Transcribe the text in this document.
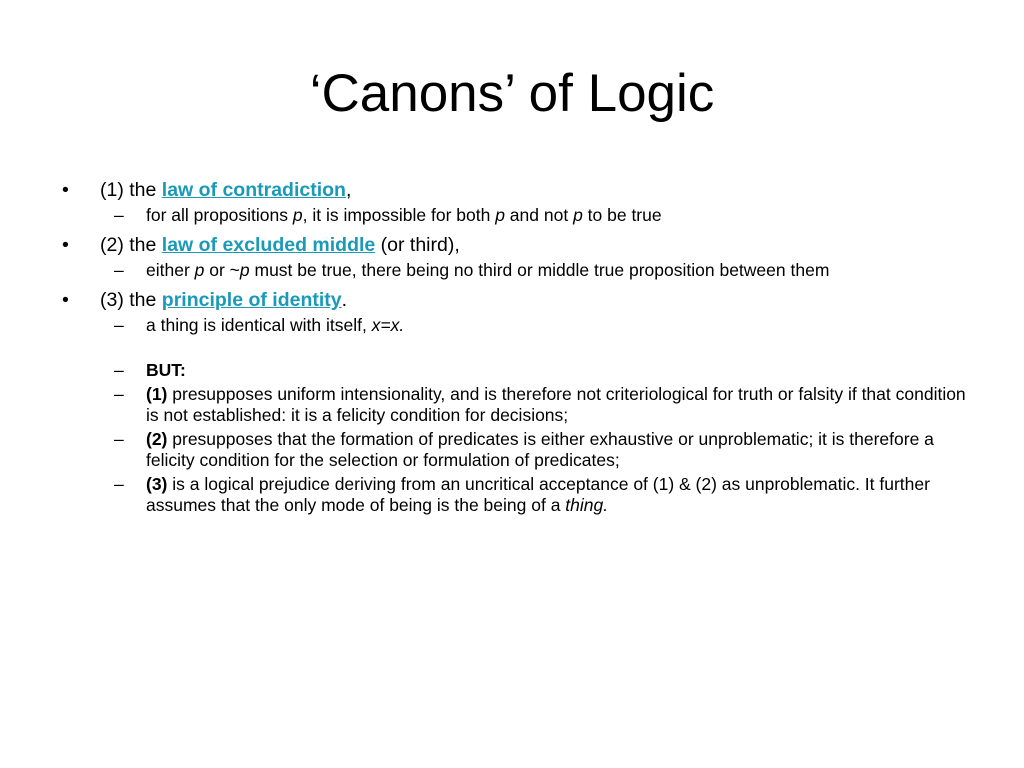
‘Canons’ of Logic
• (1) the law of contradiction,
– for all propositions p, it is impossible for both p and not p to be true
• (2) the law of excluded middle (or third),
– either p or ~p must be true, there being no third or middle true proposition between them
• (3) the principle of identity.
– a thing is identical with itself, x=x.
– BUT:
– (1) presupposes uniform intensionality, and is therefore not criteriological for truth or falsity if that condition is not established: it is a felicity condition for decisions;
– (2) presupposes that the formation of predicates is either exhaustive or unproblematic; it is therefore a felicity condition for the selection or formulation of predicates;
– (3) is a logical prejudice deriving from an uncritical acceptance of (1) & (2) as unproblematic. It further assumes that the only mode of being is the being of a thing.
